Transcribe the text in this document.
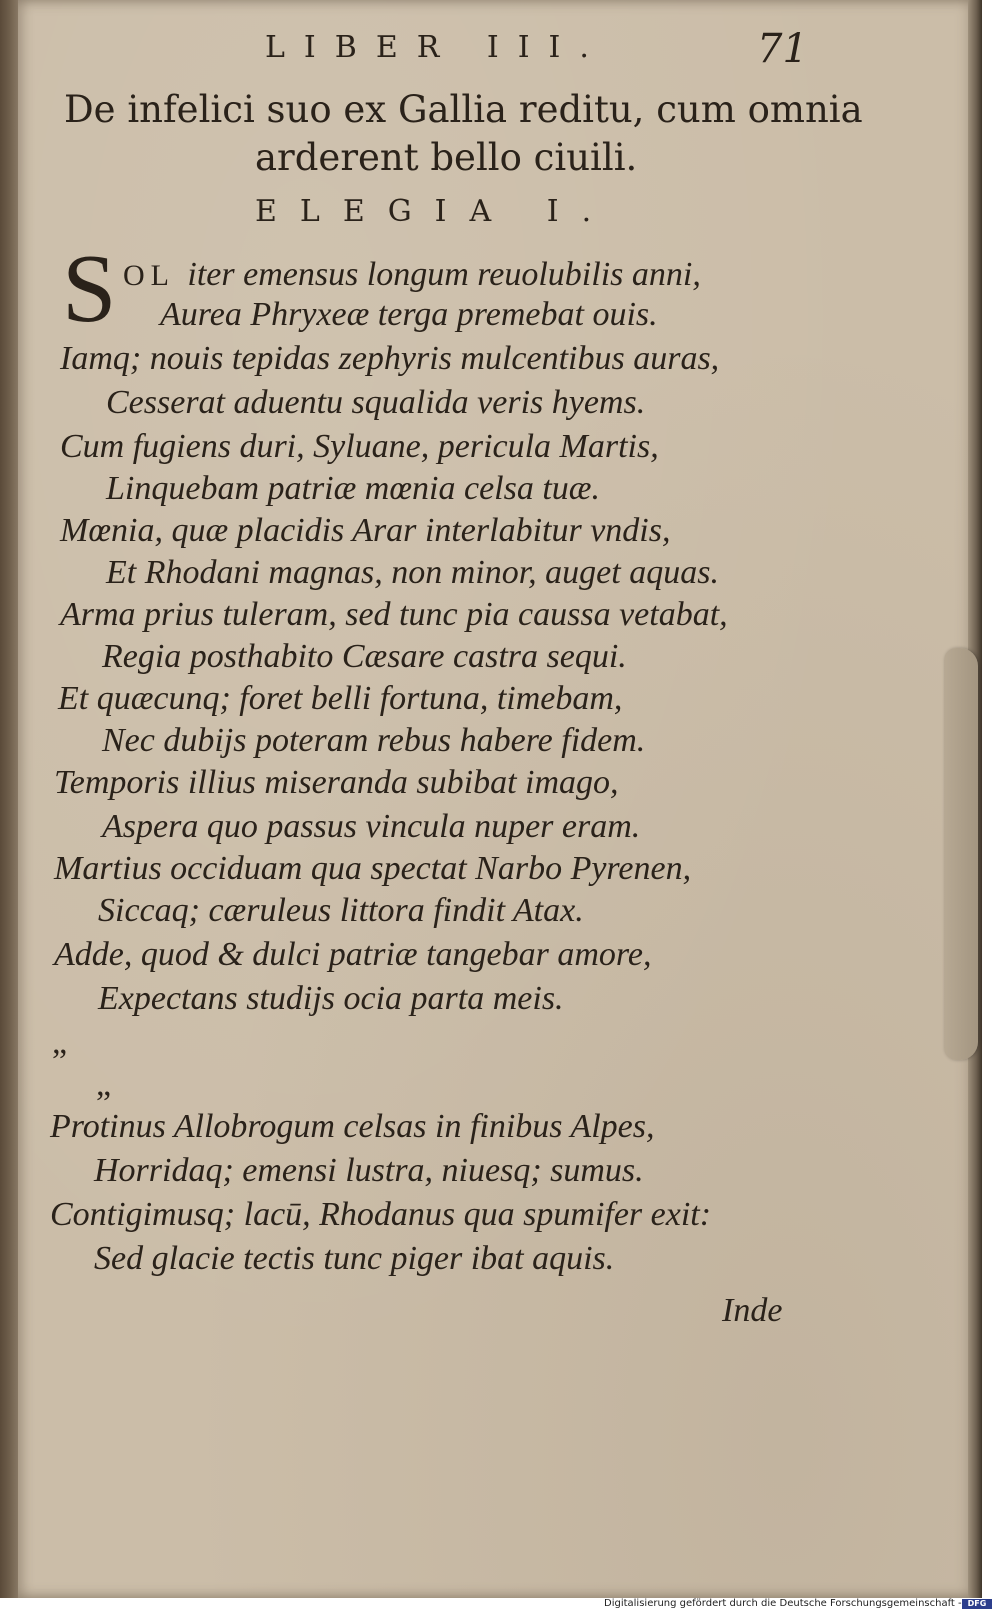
LIBER III.	71
De infelici suo ex Gallia reditu, cum omnia
arderent bello ciuili.
ELEGIA I.
S OL iter emensus longum reuolubilis anni,
Aurea Phryxeæ terga premebat ouis.
Iamq; nouis tepidas zephyris mulcentibus auras,
Cesserat aduentu squalida veris hyems.
Cum fugiens duri, Syluane, pericula Martis,
Linquebam patriæ mœnia celsa tuæ.
Mœnia, quæ placidis Arar interlabitur vndis,
Et Rhodani magnas, non minor, auget aquas.
Arma prius tuleram, sed tunc pia caussa vetabat,
Regia posthabito Cæsare castra sequi.
Et quæcunq; foret belli fortuna, timebam,
Nec dubijs poteram rebus habere fidem.
Temporis illius miseranda subibat imago,
Aspera quo passus vincula nuper eram.
Martius occiduam qua spectat Narbo Pyrenen,
Siccaq; cæruleus littora findit Atax.
Adde, quod & dulci patriæ tangebar amore,
Expectans studijs ocia parta meis.
„
„
Protinus Allobrogum celsas in finibus Alpes,
Horridaq; emensi lustra, niuesq; sumus.
Contigimusq; lacū, Rhodanus qua spumifer exit:
Sed glacie tectis tunc piger ibat aquis.
Inde
Digitalisierung gefördert durch die Deutsche Forschungsgemeinschaft - DFG
